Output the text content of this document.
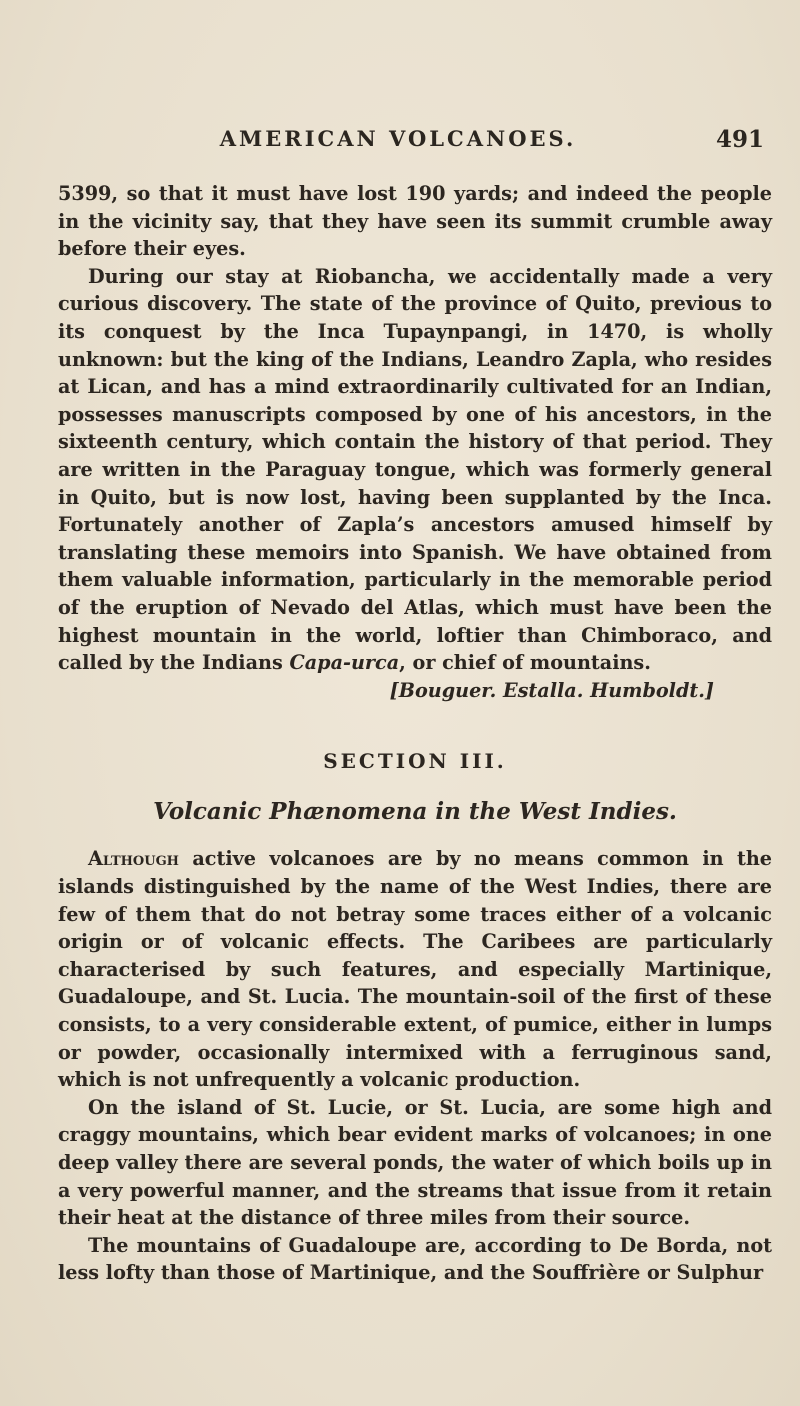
AMERICAN VOLCANOES.	491

5399, so that it must have lost 190 yards; and indeed the people in the vicinity say, that they have seen its summit crumble away before their eyes.

During our stay at Riobancha, we accidentally made a very curious discovery. The state of the province of Quito, previous to its conquest by the Inca Tupaynpangi, in 1470, is wholly unknown: but the king of the Indians, Leandro Zapla, who resides at Lican, and has a mind extraordinarily cultivated for an Indian, possesses manuscripts composed by one of his ancestors, in the sixteenth century, which contain the history of that period. They are written in the Paraguay tongue, which was formerly general in Quito, but is now lost, having been supplanted by the Inca. Fortunately another of Zapla’s ancestors amused himself by translating these memoirs into Spanish. We have obtained from them valuable information, particularly in the memorable period of the eruption of Nevado del Atlas, which must have been the highest mountain in the world, loftier than Chimboraco, and called by the Indians Capa-urca, or chief of mountains.

[Bouguer. Estalla. Humboldt.]

SECTION III.
Volcanic Phænomena in the West Indies.

Although active volcanoes are by no means common in the islands distinguished by the name of the West Indies, there are few of them that do not betray some traces either of a volcanic origin or of volcanic effects. The Caribees are particularly characterised by such features, and especially Martinique, Guadaloupe, and St. Lucia. The mountain-soil of the first of these consists, to a very considerable extent, of pumice, either in lumps or powder, occasionally intermixed with a ferruginous sand, which is not unfrequently a volcanic production.

On the island of St. Lucie, or St. Lucia, are some high and craggy mountains, which bear evident marks of volcanoes; in one deep valley there are several ponds, the water of which boils up in a very powerful manner, and the streams that issue from it retain their heat at the distance of three miles from their source.

The mountains of Guadaloupe are, according to De Borda, not less lofty than those of Martinique, and the Souffrière or Sulphur
